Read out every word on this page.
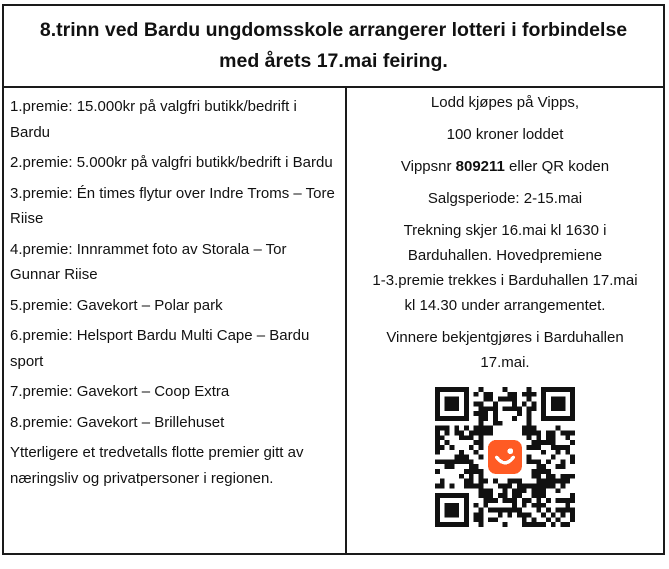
8.trinn ved Bardu ungdomsskole arrangerer lotteri i forbindelse
med årets 17.mai feiring.
1.premie: 15.000kr på valgfri butikk/bedrift i Bardu
2.premie: 5.000kr på valgfri butikk/bedrift i Bardu
3.premie: Én times flytur over Indre Troms – Tore Riise
4.premie: Innrammet foto av Storala – Tor Gunnar Riise
5.premie: Gavekort – Polar park
6.premie: Helsport Bardu Multi Cape – Bardu sport
7.premie: Gavekort – Coop Extra
8.premie: Gavekort – Brillehuset
Ytterligere et tredvetalls flotte premier gitt av næringsliv og privatpersoner i regionen.

Lodd kjøpes på Vipps,

100 kroner loddet

Vippsnr 809211 eller QR koden

Salgsperiode: 2-15.mai

Trekning skjer 16.mai kl 1630 i

Barduhallen. Hovedpremiene

1-3.premie trekkes i Barduhallen 17.mai

kl 14.30 under arrangementet.

Vinnere bekjentgjøres i Barduhallen

17.mai.
